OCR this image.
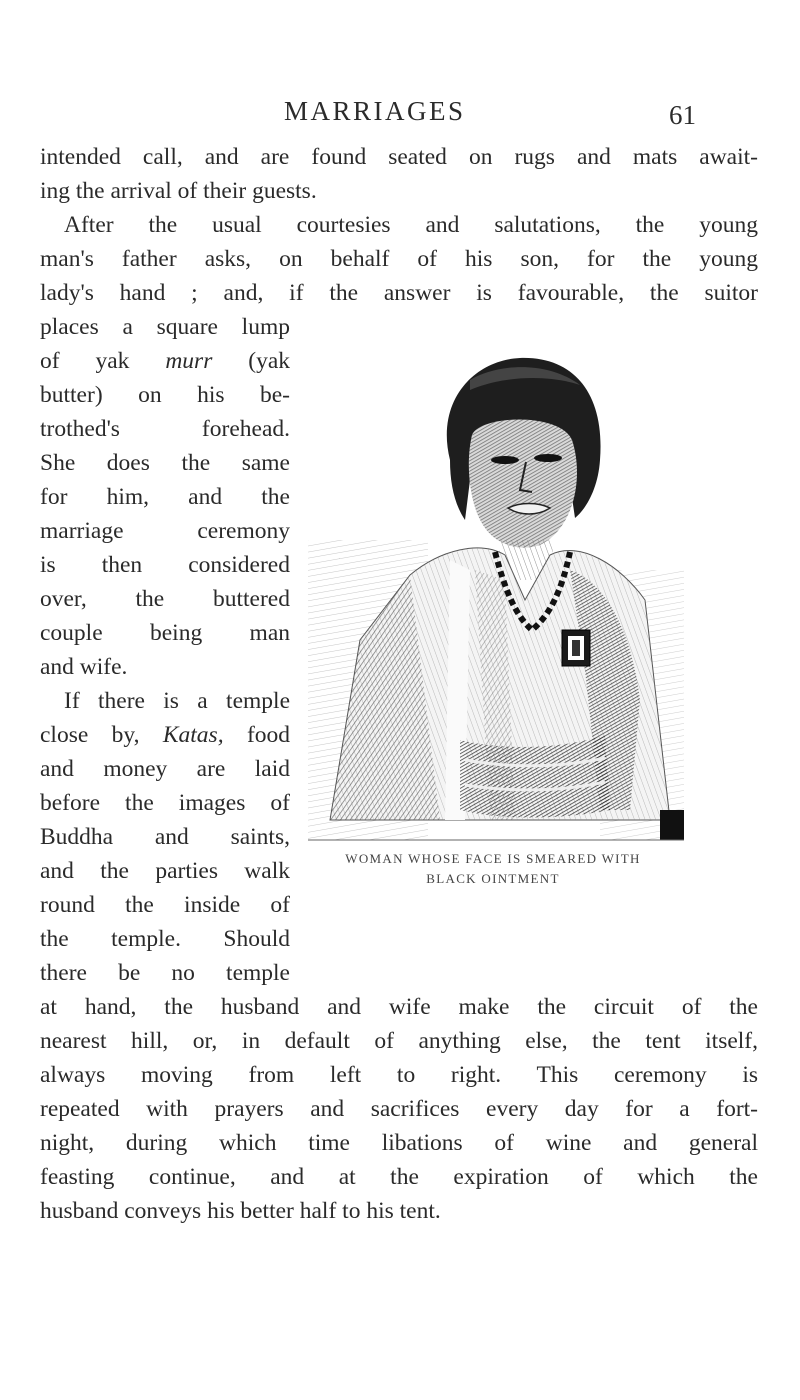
MARRIAGES	61
intended call, and are found seated on rugs and mats await-
ing the arrival of their guests.
After the usual courtesies and salutations, the young
man's father asks, on behalf of his son, for the young
lady's hand ; and, if the answer is favourable, the suitor
places a square lump
of yak murr (yak
butter) on his be-
trothed's forehead.
She does the same
for him, and the
marriage ceremony
is then considered
over, the buttered
couple being man
and wife.
If there is a temple
close by, Katas, food
and money are laid
before the images of
Buddha and saints,
and the parties walk
round the inside of
the temple. Should
there be no temple
at hand, the husband and wife make the circuit of the
nearest hill, or, in default of anything else, the tent itself,
always moving from left to right. This ceremony is
repeated with prayers and sacrifices every day for a fort-
night, during which time libations of wine and general
feasting continue, and at the expiration of which the
husband conveys his better half to his tent.
WOMAN WHOSE FACE IS SMEARED WITH
BLACK OINTMENT
